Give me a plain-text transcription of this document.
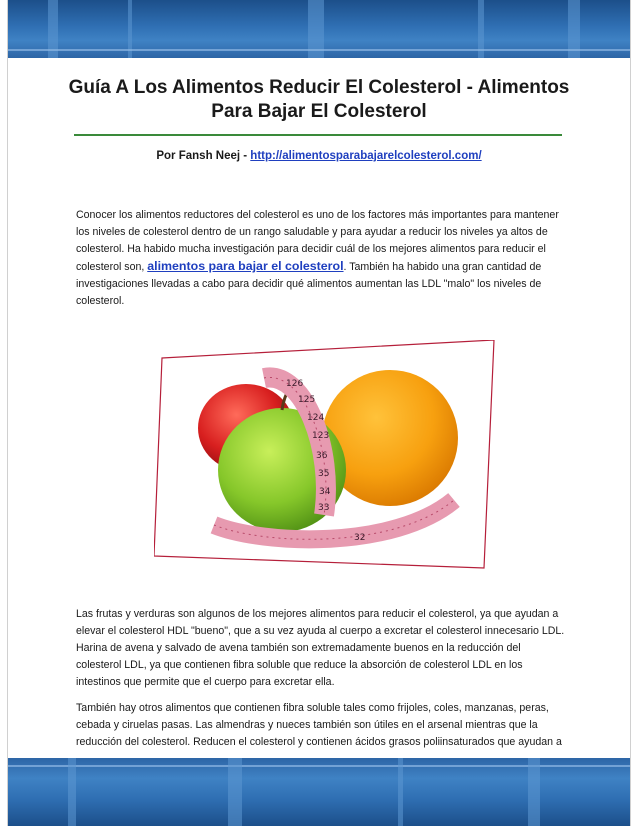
Guía A Los Alimentos Reducir El Colesterol - Alimentos Para Bajar El Colesterol
Por Fansh Neej - http://alimentosparabajarelcolesterol.com/

Conocer los alimentos reductores del colesterol es uno de los factores más importantes para mantener los niveles de colesterol dentro de un rango saludable y para ayudar a reducir los niveles ya altos de colesterol. Ha habido mucha investigación para decidir cuál de los mejores alimentos para reducir el colesterol son, alimentos para bajar el colesterol. También ha habido una gran cantidad de investigaciones llevadas a cabo para decidir qué alimentos aumentan las LDL "malo" los niveles de colesterol.

126
125
124
123
36
35
34
33
32

Las frutas y verduras son algunos de los mejores alimentos para reducir el colesterol, ya que ayudan a elevar el colesterol HDL "bueno", que a su vez ayuda al cuerpo a excretar el colesterol innecesario LDL. Harina de avena y salvado de avena también son extremadamente buenos en la reducción del colesterol LDL, ya que contienen fibra soluble que reduce la absorción de colesterol LDL en los intestinos que permite que el cuerpo para excretar ella.

También hay otros alimentos que contienen fibra soluble tales como frijoles, coles, manzanas, peras, cebada y ciruelas pasas. Las almendras y nueces también son útiles en el arsenal mientras que la reducción del colesterol. Reducen el colesterol y contienen ácidos grasos poliinsaturados que ayudan a
